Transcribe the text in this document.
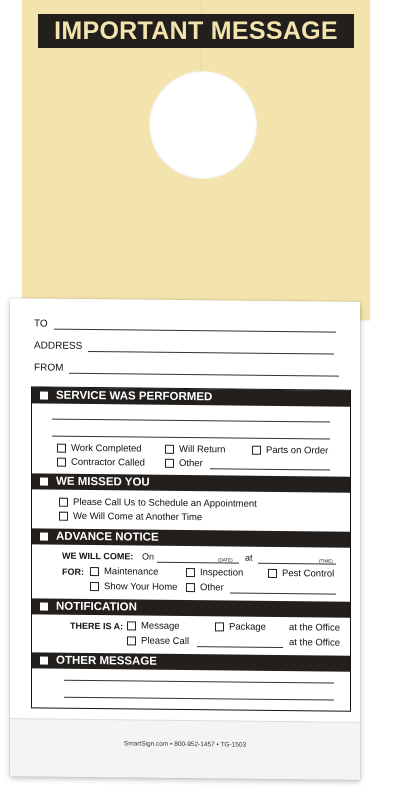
IMPORTANT MESSAGE
TO
ADDRESS
FROM
SERVICE WAS PERFORMED
Work Completed	Will Return	Parts on Order
Contractor Called	Other
WE MISSED YOU
Please Call Us to Schedule an Appointment
We Will Come at Another Time
ADVANCE NOTICE
WE WILL COME: On	(DATE) at	(TIME)
FOR: Maintenance	Inspection	Pest Control
Show Your Home Other
NOTIFICATION
THERE IS A: Message	Package at the Office
Please Call	at the Office
OTHER MESSAGE
SmartSign.com • 800-952-1457 • TG-1503
